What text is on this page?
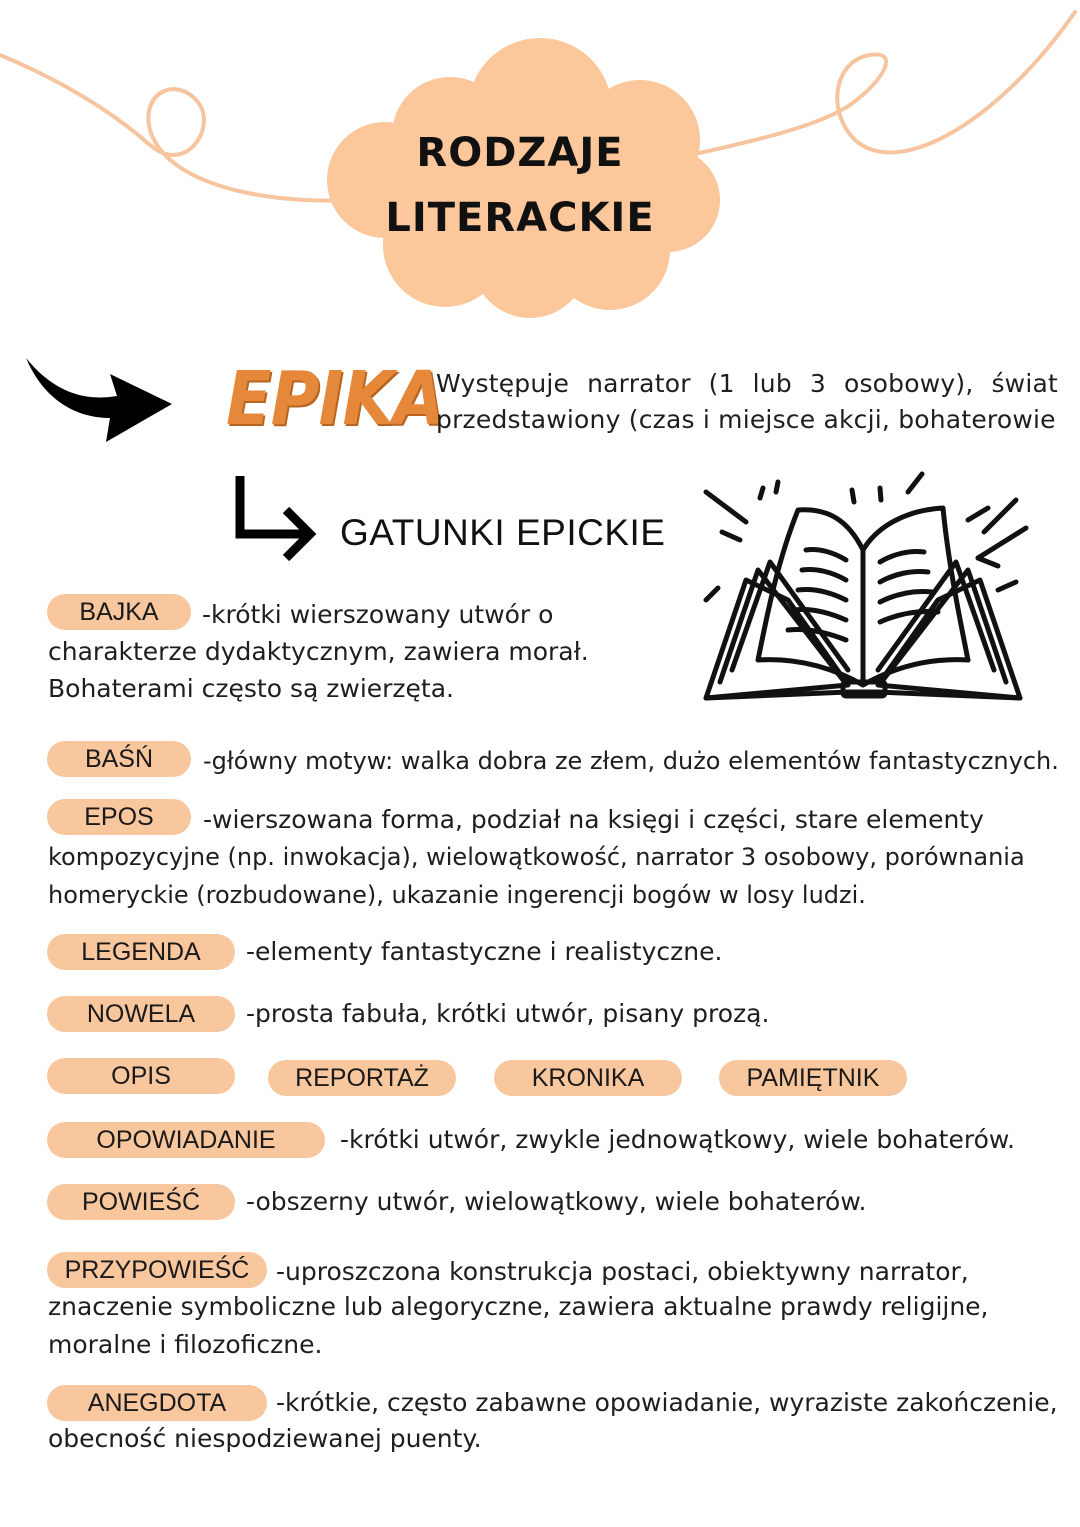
RODZAJE
LITERACKIE
EPIKA
Występuje narrator (1 lub 3 osobowy), świat przedstawiony (czas i miejsce akcji, bohaterowie
GATUNKI EPICKIE
BAJKA	-krótki wierszowany utwór o
charakterze dydaktycznym, zawiera morał.
Bohaterami często są zwierzęta.
BAŚŃ	-główny motyw: walka dobra ze złem, dużo elementów fantastycznych.
EPOS	-wierszowana forma, podział na księgi i części, stare elementy
kompozycyjne (np. inwokacja), wielowątkowość, narrator 3 osobowy, porównania
homeryckie (rozbudowane), ukazanie ingerencji bogów w losy ludzi.
LEGENDA	-elementy fantastyczne i realistyczne.
NOWELA	-prosta fabuła, krótki utwór, pisany prozą.
OPIS	REPORTAŻ	KRONIKA	PAMIĘTNIK
OPOWIADANIE	-krótki utwór, zwykle jednowątkowy, wiele bohaterów.
POWIEŚĆ	-obszerny utwór, wielowątkowy, wiele bohaterów.
PRZYPOWIEŚĆ	-uproszczona konstrukcja postaci, obiektywny narrator,
znaczenie symboliczne lub alegoryczne, zawiera aktualne prawdy religijne,
moralne i filozoficzne.
ANEGDOTA	-krótkie, często zabawne opowiadanie, wyraziste zakończenie,
obecność niespodziewanej puenty.
